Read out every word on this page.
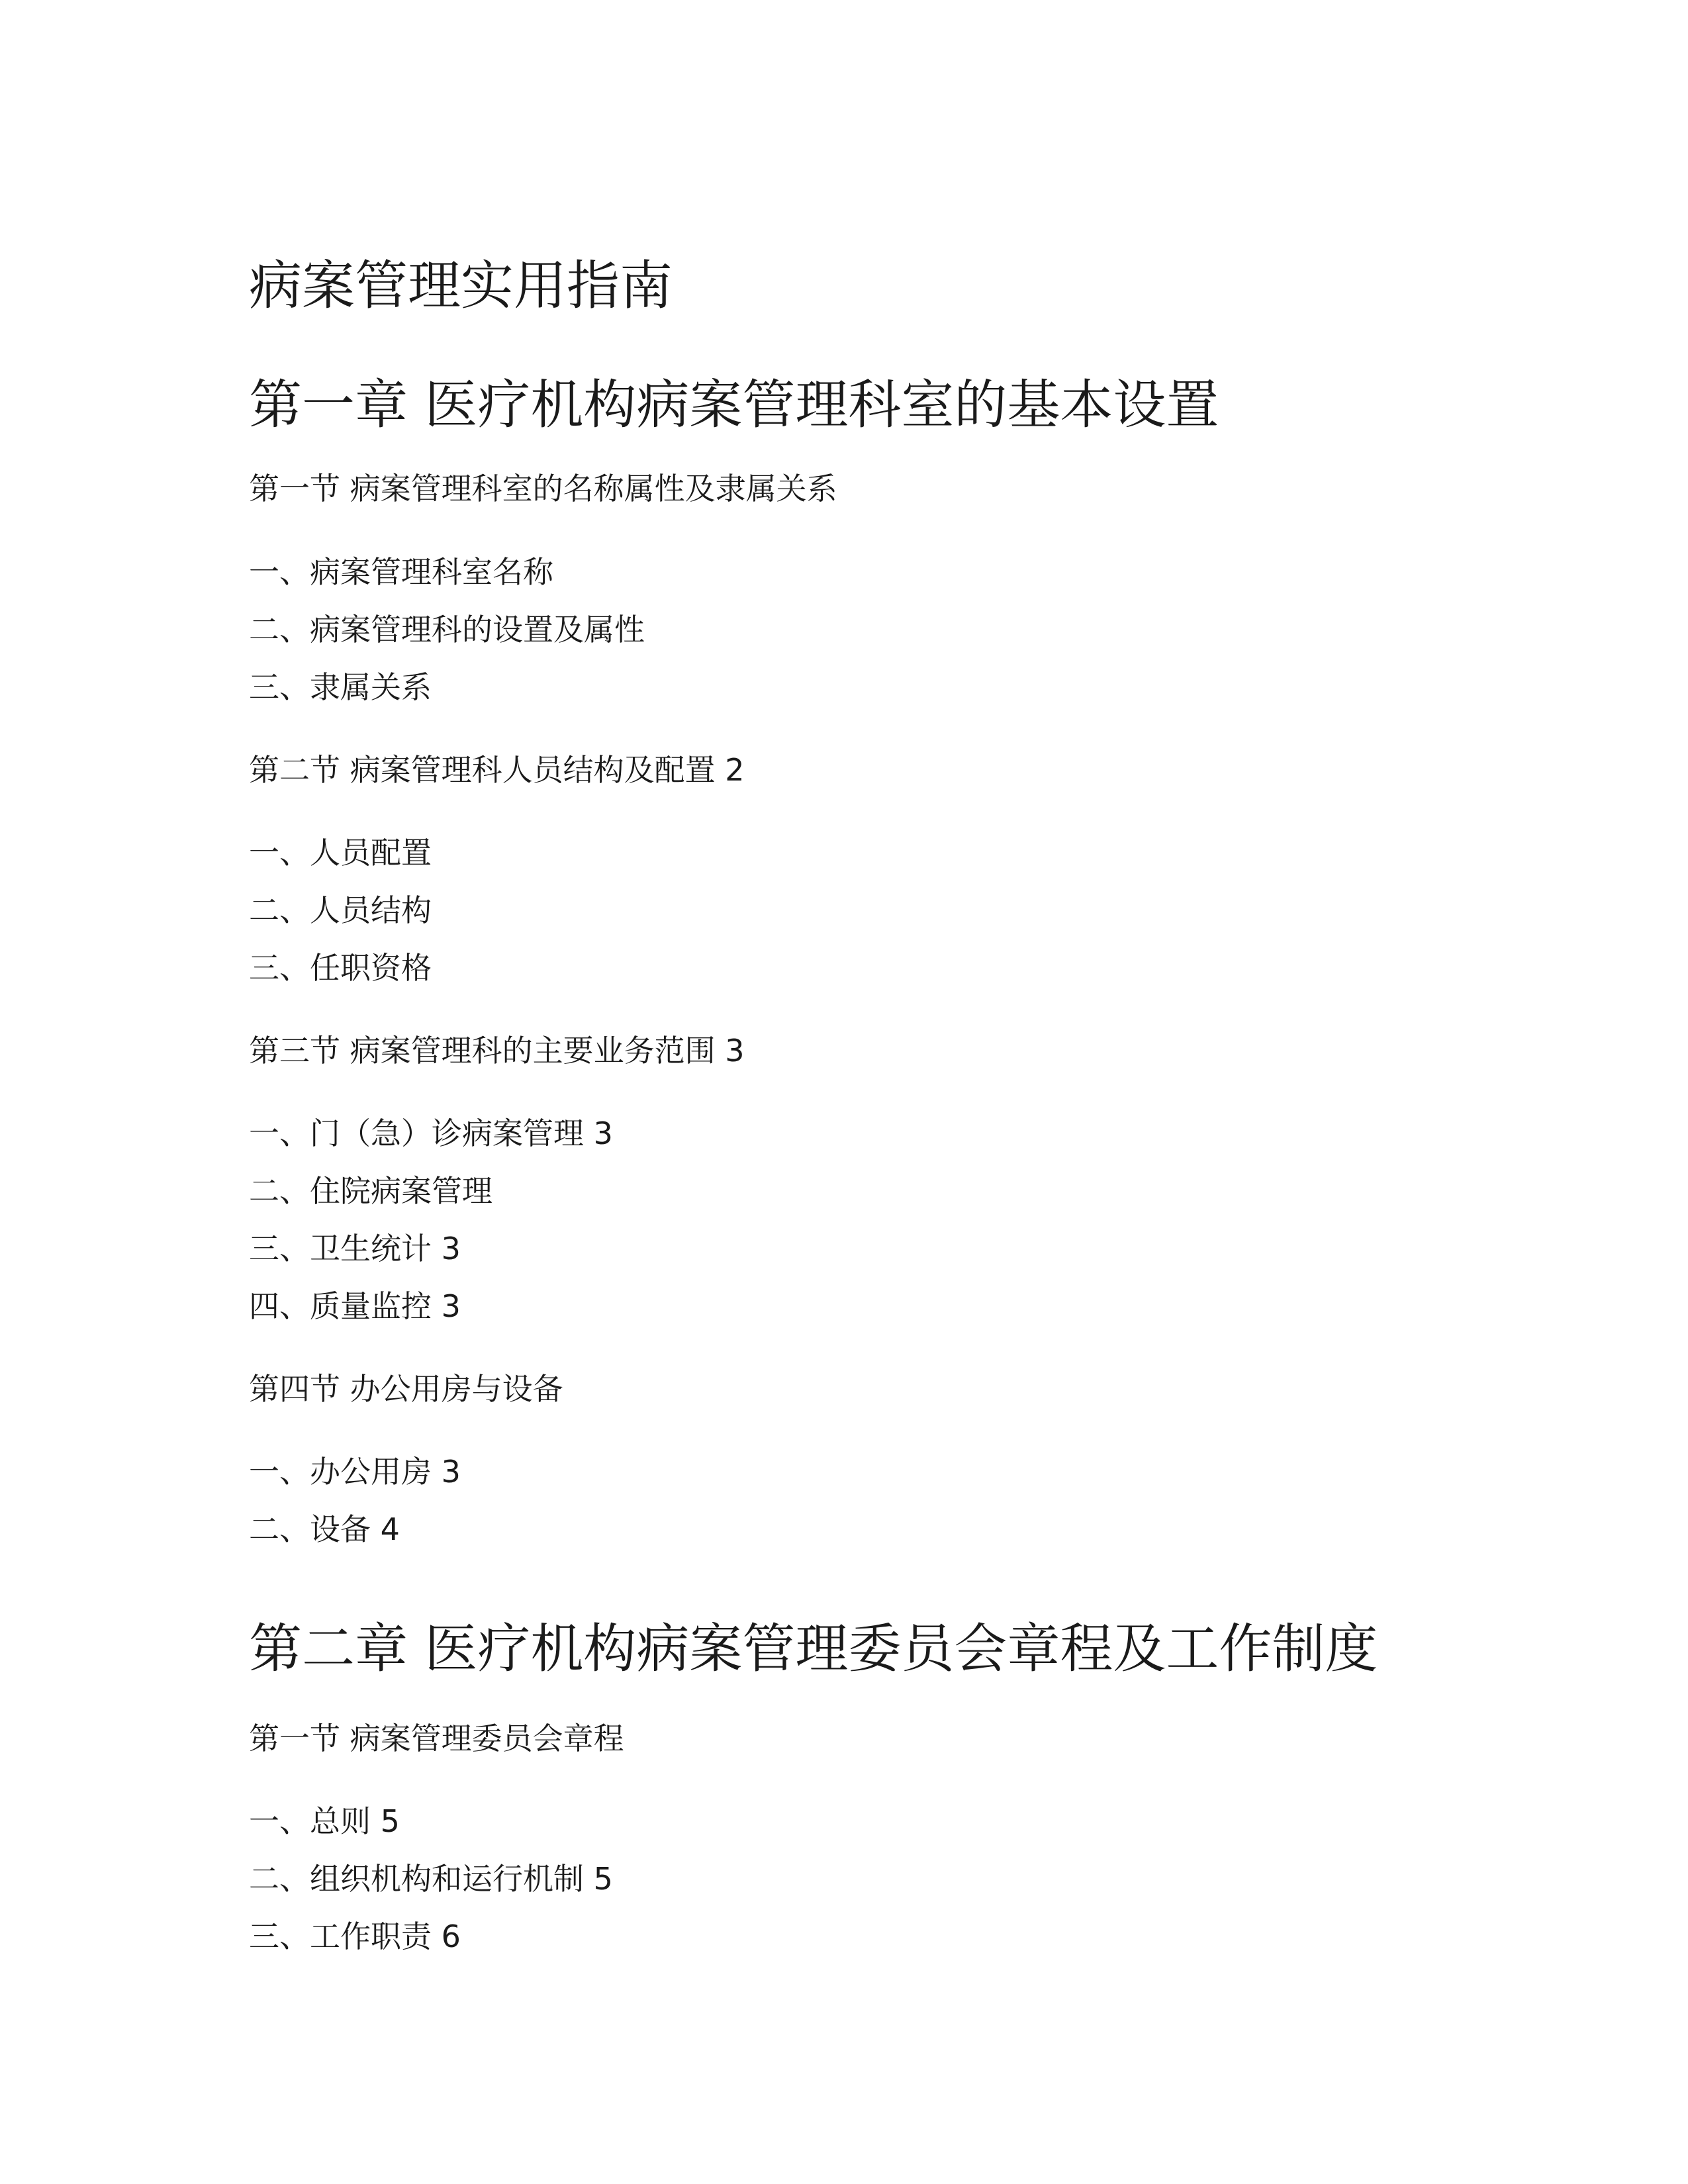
病案管理实用指南
第一章 医疗机构病案管理科室的基本设置
第一节 病案管理科室的名称属性及隶属关系
一、病案管理科室名称
二、病案管理科的设置及属性
三、隶属关系
第二节 病案管理科人员结构及配置 2
一、人员配置
二、人员结构
三、任职资格
第三节 病案管理科的主要业务范围 3
一、门（急）诊病案管理 3
二、住院病案管理
三、卫生统计 3
四、质量监控 3
第四节 办公用房与设备
一、办公用房 3
二、设备 4
第二章 医疗机构病案管理委员会章程及工作制度
第一节 病案管理委员会章程
一、总则 5
二、组织机构和运行机制 5
三、工作职责 6
